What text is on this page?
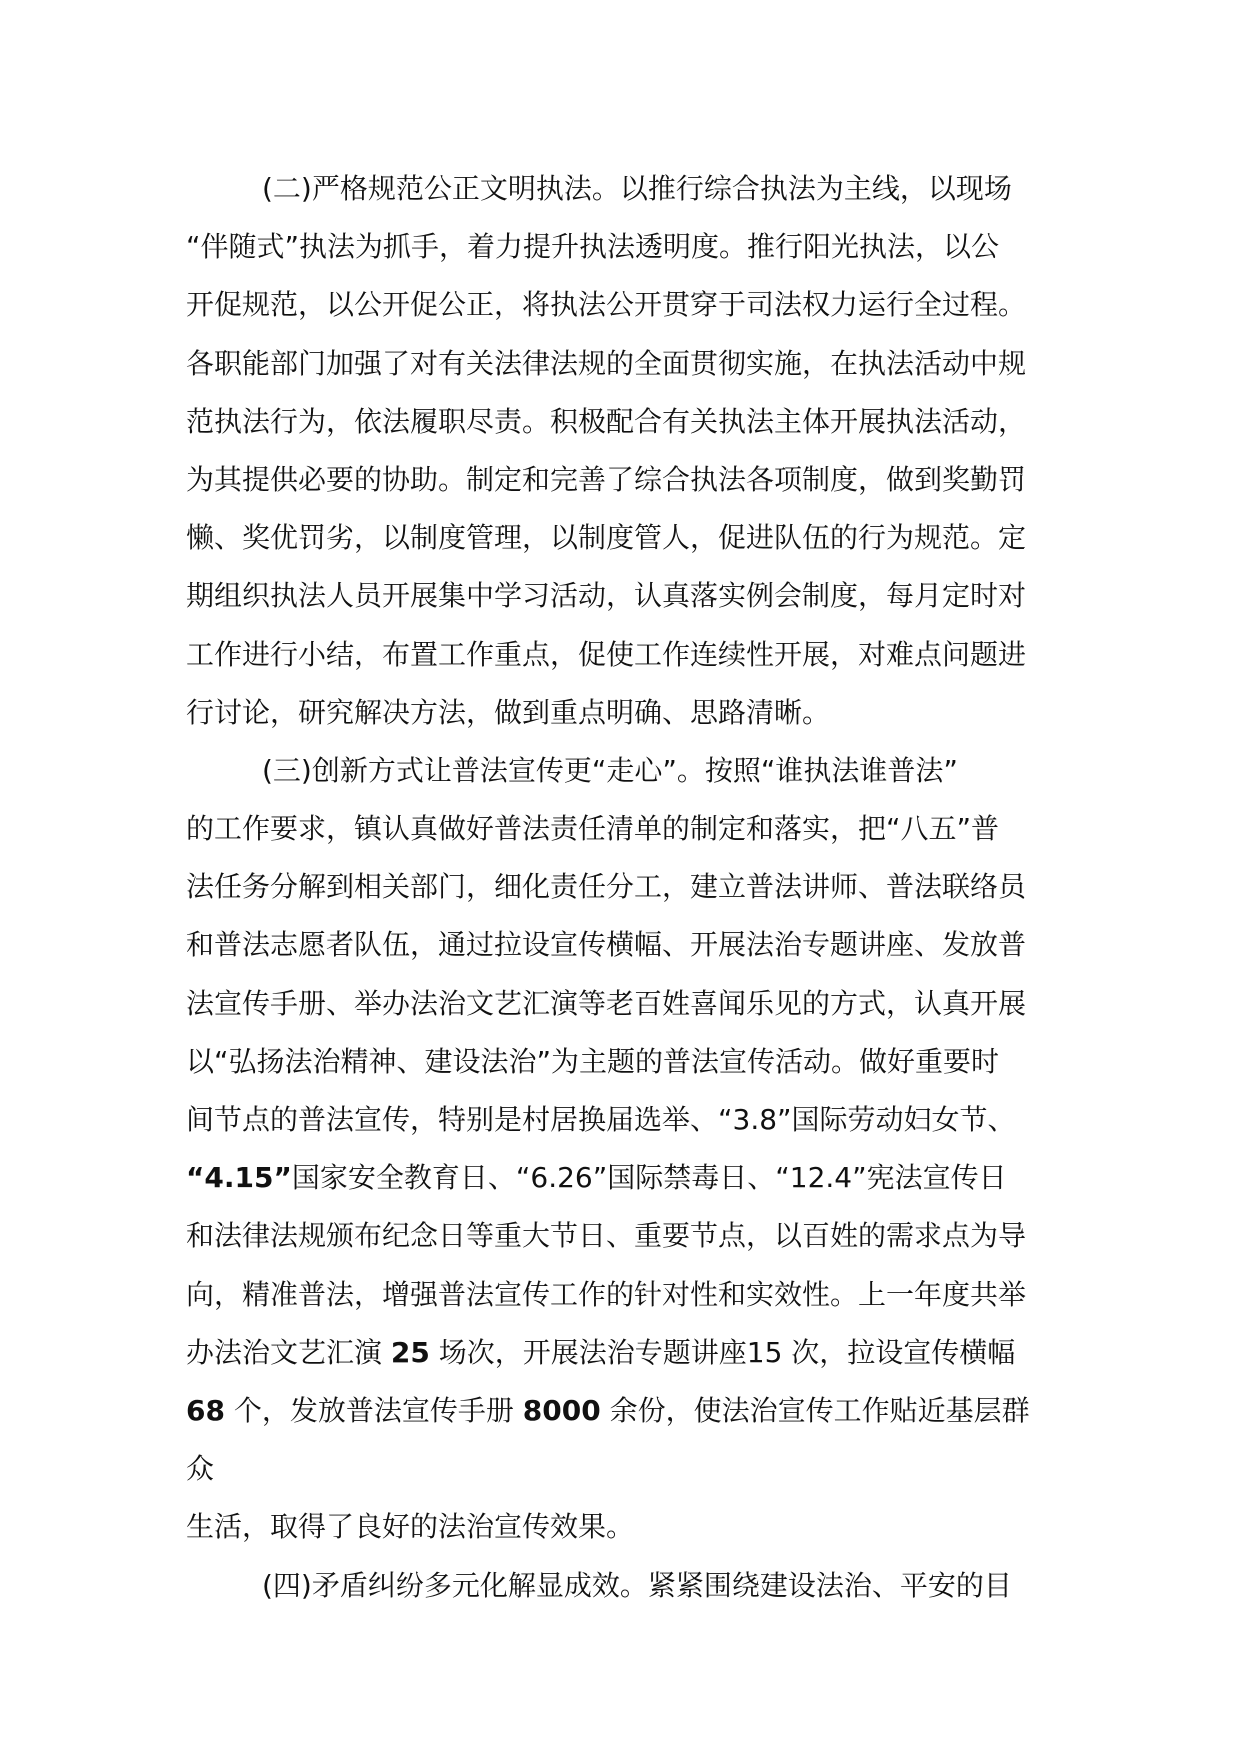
(二)严格规范公正文明执法。以推行综合执法为主线，以现场
“伴随式”执法为抓手，着力提升执法透明度。推行阳光执法，以公
开促规范，以公开促公正，将执法公开贯穿于司法权力运行全过程。
各职能部门加强了对有关法律法规的全面贯彻实施，在执法活动中规
范执法行为，依法履职尽责。积极配合有关执法主体开展执法活动，
为其提供必要的协助。制定和完善了综合执法各项制度，做到奖勤罚
懒、奖优罚劣，以制度管理，以制度管人，促进队伍的行为规范。定
期组织执法人员开展集中学习活动，认真落实例会制度，每月定时对
工作进行小结，布置工作重点，促使工作连续性开展，对难点问题进
行讨论，研究解决方法，做到重点明确、思路清晰。
(三)创新方式让普法宣传更“走心”。按照“谁执法谁普法”
的工作要求，镇认真做好普法责任清单的制定和落实，把“八五”普
法任务分解到相关部门，细化责任分工，建立普法讲师、普法联络员
和普法志愿者队伍，通过拉设宣传横幅、开展法治专题讲座、发放普
法宣传手册、举办法治文艺汇演等老百姓喜闻乐见的方式，认真开展
以“弘扬法治精神、建设法治”为主题的普法宣传活动。做好重要时
间节点的普法宣传，特别是村居换届选举、“3.8”国际劳动妇女节、
“4.15”国家安全教育日、“6.26”国际禁毒日、“12.4”宪法宣传日
和法律法规颁布纪念日等重大节日、重要节点，以百姓的需求点为导
向，精准普法，增强普法宣传工作的针对性和实效性。上一年度共举
办法治文艺汇演 25 场次，开展法治专题讲座15 次，拉设宣传横幅
68 个，发放普法宣传手册 8000 余份，使法治宣传工作贴近基层群
众
生活，取得了良好的法治宣传效果。
(四)矛盾纠纷多元化解显成效。紧紧围绕建设法治、平安的目
